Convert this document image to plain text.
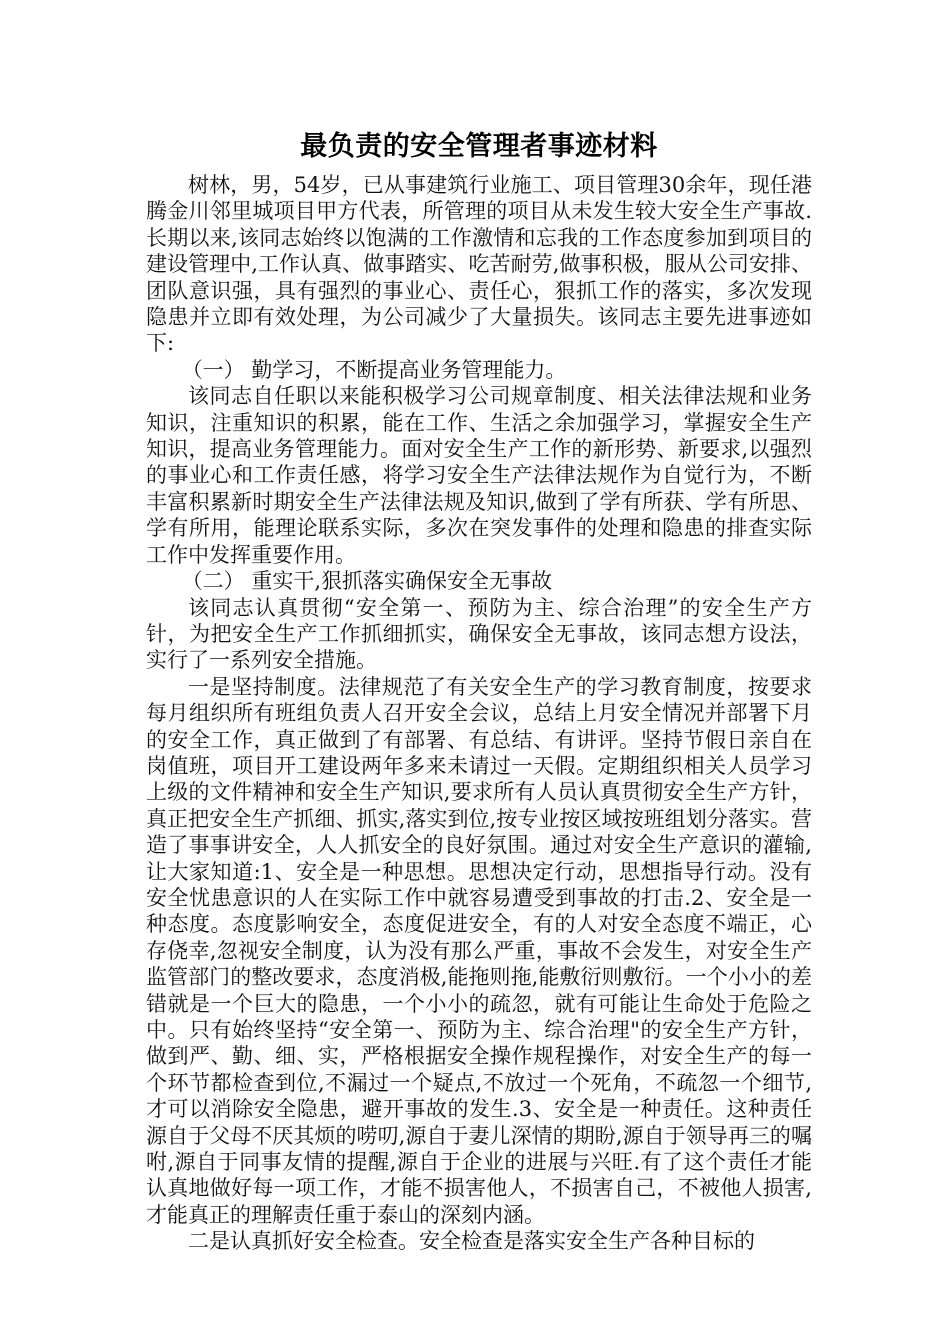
最负责的安全管理者事迹材料

树林，男，54岁，已从事建筑行业施工、项目管理30余年，现任港腾金川邻里城项目甲方代表，所管理的项目从未发生较大安全生产事故.长期以来,该同志始终以饱满的工作激情和忘我的工作态度参加到项目的建设管理中,工作认真、做事踏实、吃苦耐劳,做事积极，服从公司安排、团队意识强，具有强烈的事业心、责任心，狠抓工作的落实，多次发现隐患并立即有效处理，为公司减少了大量损失。该同志主要先进事迹如下:

（一） 勤学习，不断提高业务管理能力。

该同志自任职以来能积极学习公司规章制度、相关法律法规和业务知识，注重知识的积累，能在工作、生活之余加强学习，掌握安全生产知识，提高业务管理能力。面对安全生产工作的新形势、新要求,以强烈的事业心和工作责任感，将学习安全生产法律法规作为自觉行为，不断丰富积累新时期安全生产法律法规及知识,做到了学有所获、学有所思、学有所用，能理论联系实际，多次在突发事件的处理和隐患的排查实际工作中发挥重要作用。

（二） 重实干,狠抓落实确保安全无事故

该同志认真贯彻“安全第一、预防为主、综合治理”的安全生产方针，为把安全生产工作抓细抓实，确保安全无事故，该同志想方设法，实行了一系列安全措施。

一是坚持制度。法律规范了有关安全生产的学习教育制度，按要求每月组织所有班组负责人召开安全会议，总结上月安全情况并部署下月的安全工作，真正做到了有部署、有总结、有讲评。坚持节假日亲自在岗值班，项目开工建设两年多来未请过一天假。定期组织相关人员学习上级的文件精神和安全生产知识,要求所有人员认真贯彻安全生产方针，真正把安全生产抓细、抓实,落实到位,按专业按区域按班组划分落实。营造了事事讲安全，人人抓安全的良好氛围。通过对安全生产意识的灌输,让大家知道:1、安全是一种思想。思想决定行动，思想指导行动。没有安全忧患意识的人在实际工作中就容易遭受到事故的打击.2、安全是一种态度。态度影响安全，态度促进安全，有的人对安全态度不端正，心存侥幸,忽视安全制度，认为没有那么严重，事故不会发生，对安全生产监管部门的整改要求，态度消极,能拖则拖,能敷衍则敷衍。一个小小的差错就是一个巨大的隐患，一个小小的疏忽，就有可能让生命处于危险之中。只有始终坚持“安全第一、预防为主、综合治理"的安全生产方针，做到严、勤、细、实，严格根据安全操作规程操作，对安全生产的每一个环节都检查到位,不漏过一个疑点,不放过一个死角，不疏忽一个细节,才可以消除安全隐患，避开事故的发生.3、安全是一种责任。这种责任源自于父母不厌其烦的唠叨,源自于妻儿深情的期盼,源自于领导再三的嘱咐,源自于同事友情的提醒,源自于企业的进展与兴旺.有了这个责任才能认真地做好每一项工作，才能不损害他人，不损害自己，不被他人损害,才能真正的理解责任重于泰山的深刻内涵。

二是认真抓好安全检查。安全检查是落实安全生产各种目标的
